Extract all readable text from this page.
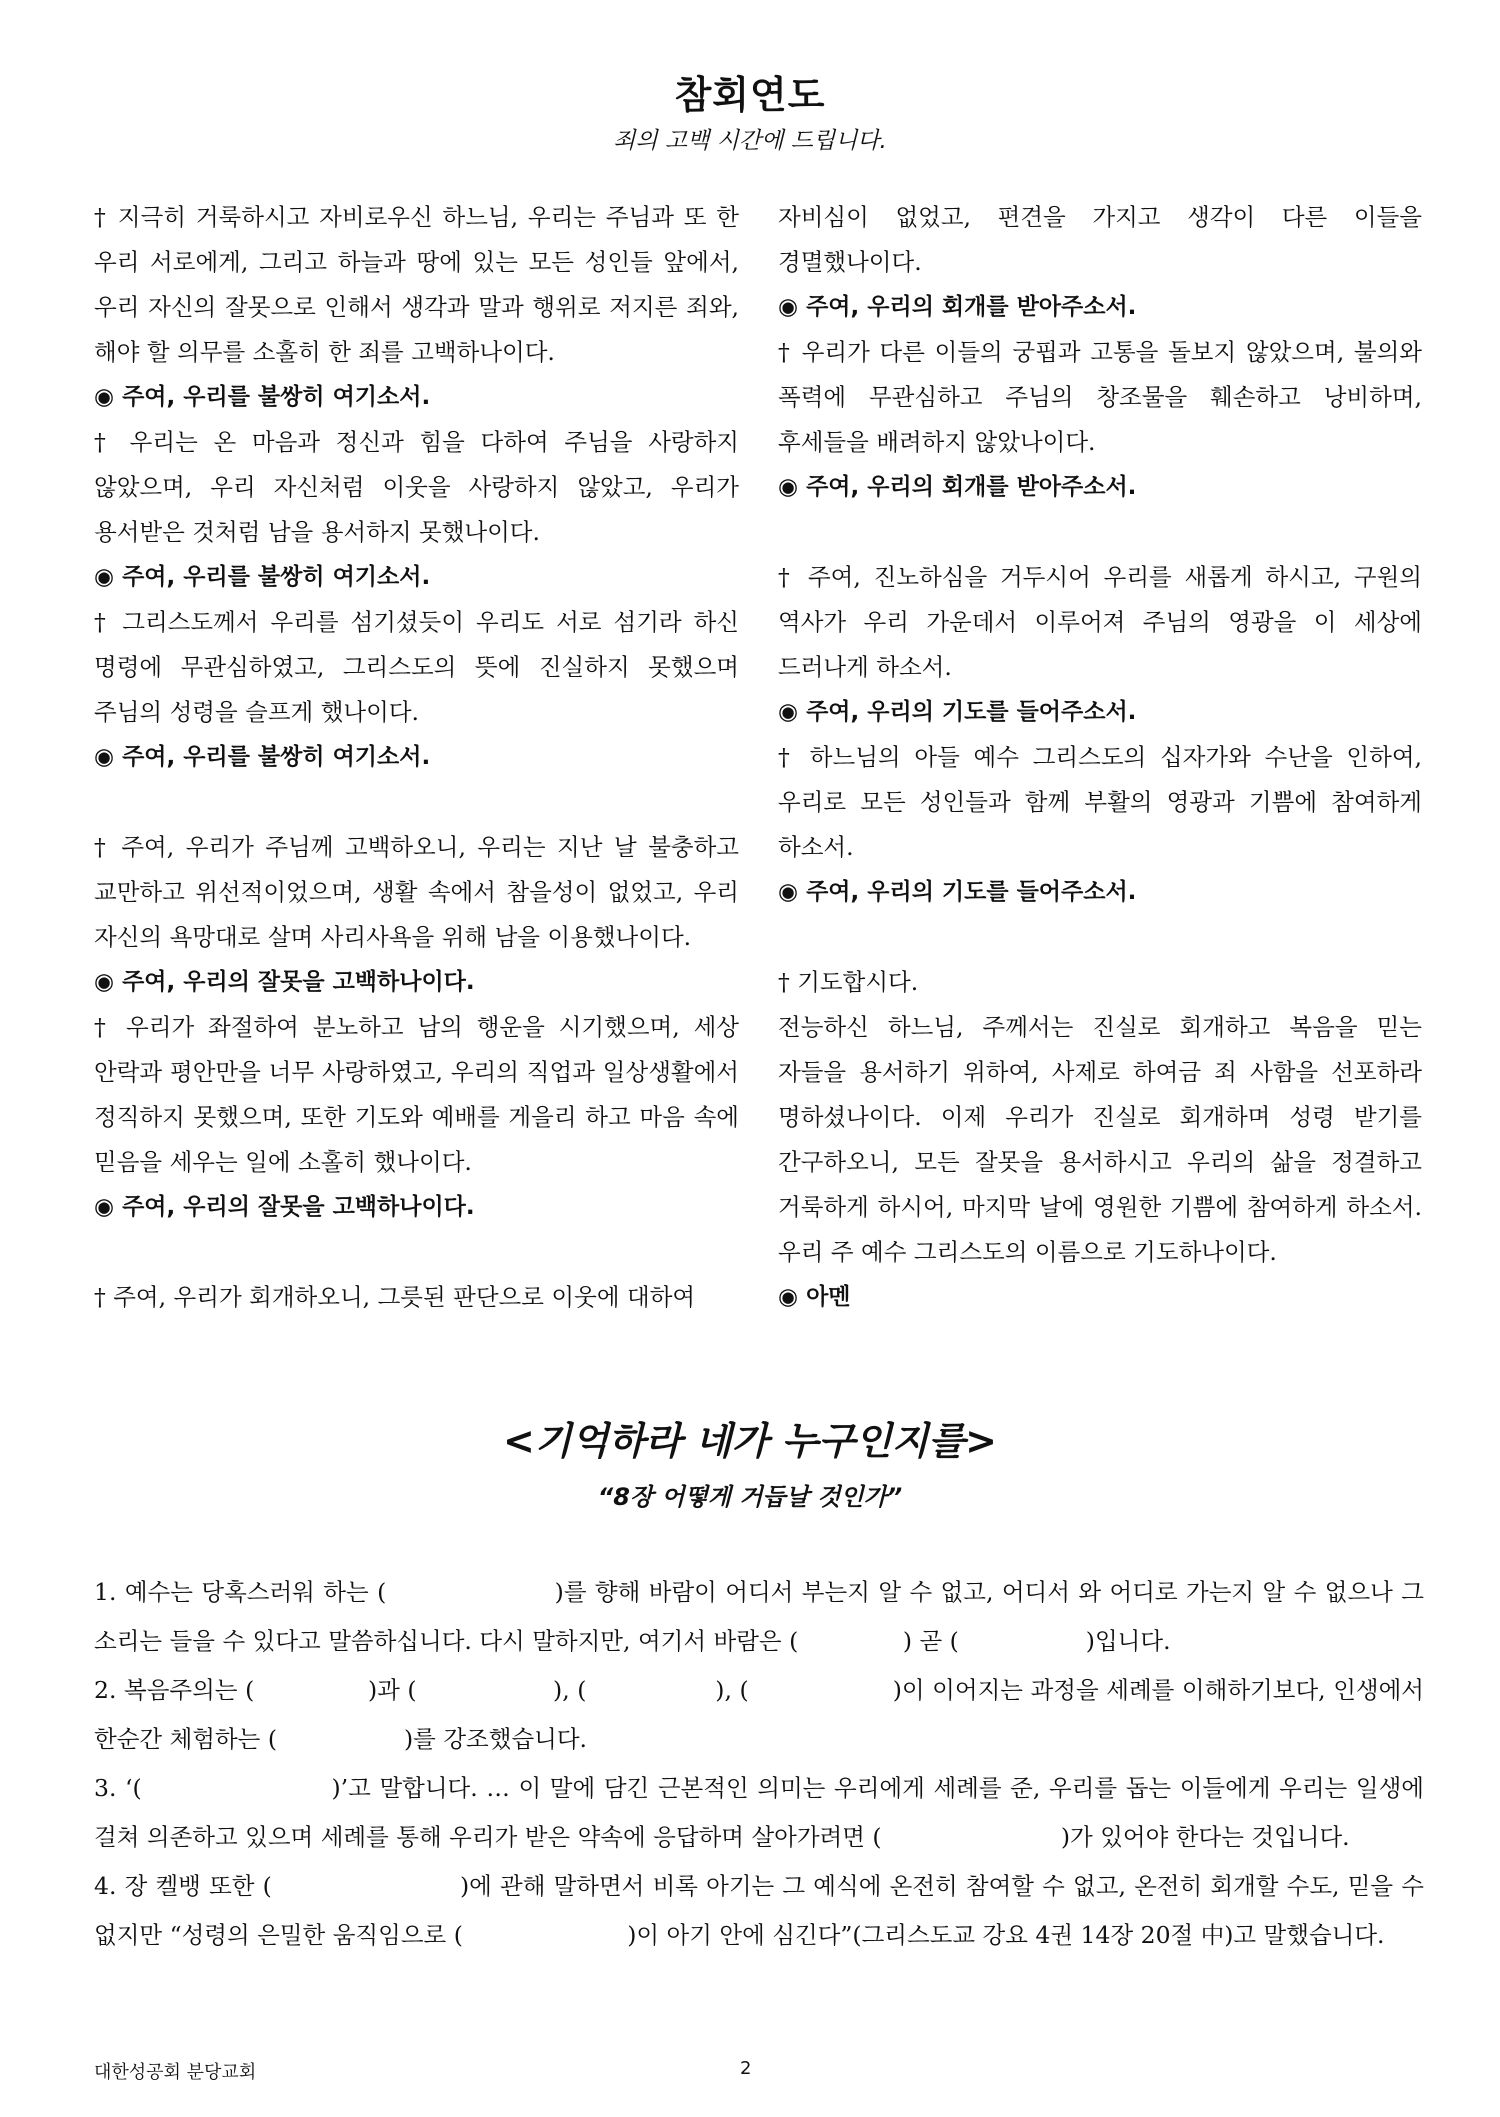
참회연도

죄의 고백 시간에 드립니다.

† 지극히 거룩하시고 자비로우신 하느님, 우리는 주님과 또 한 우리 서로에게, 그리고 하늘과 땅에 있는 모든 성인들 앞에서, 우리 자신의 잘못으로 인해서 생각과 말과 행위로 저지른 죄와, 해야 할 의무를 소홀히 한 죄를 고백하나이다.

◉ 주여, 우리를 불쌍히 여기소서.

† 우리는 온 마음과 정신과 힘을 다하여 주님을 사랑하지 않았으며, 우리 자신처럼 이웃을 사랑하지 않았고, 우리가 용서받은 것처럼 남을 용서하지 못했나이다.

◉ 주여, 우리를 불쌍히 여기소서.

† 그리스도께서 우리를 섬기셨듯이 우리도 서로 섬기라 하신 명령에 무관심하였고, 그리스도의 뜻에 진실하지 못했으며 주님의 성령을 슬프게 했나이다.

◉ 주여, 우리를 불쌍히 여기소서.

† 주여, 우리가 주님께 고백하오니, 우리는 지난 날 불충하고 교만하고 위선적이었으며, 생활 속에서 참을성이 없었고, 우리 자신의 욕망대로 살며 사리사욕을 위해 남을 이용했나이다.

◉ 주여, 우리의 잘못을 고백하나이다.

† 우리가 좌절하여 분노하고 남의 행운을 시기했으며, 세상 안락과 평안만을 너무 사랑하였고, 우리의 직업과 일상생활에서 정직하지 못했으며, 또한 기도와 예배를 게을리 하고 마음 속에 믿음을 세우는 일에 소홀히 했나이다.

◉ 주여, 우리의 잘못을 고백하나이다.

† 주여, 우리가 회개하오니, 그릇된 판단으로 이웃에 대하여

자비심이 없었고, 편견을 가지고 생각이 다른 이들을 경멸했나이다.

◉ 주여, 우리의 회개를 받아주소서.

† 우리가 다른 이들의 궁핍과 고통을 돌보지 않았으며, 불의와 폭력에 무관심하고 주님의 창조물을 훼손하고 낭비하며, 후세들을 배려하지 않았나이다.

◉ 주여, 우리의 회개를 받아주소서.

† 주여, 진노하심을 거두시어 우리를 새롭게 하시고, 구원의 역사가 우리 가운데서 이루어져 주님의 영광을 이 세상에 드러나게 하소서.

◉ 주여, 우리의 기도를 들어주소서.

† 하느님의 아들 예수 그리스도의 십자가와 수난을 인하여, 우리로 모든 성인들과 함께 부활의 영광과 기쁨에 참여하게 하소서.

◉ 주여, 우리의 기도를 들어주소서.

† 기도합시다.

전능하신 하느님, 주께서는 진실로 회개하고 복음을 믿는 자들을 용서하기 위하여, 사제로 하여금 죄 사함을 선포하라 명하셨나이다. 이제 우리가 진실로 회개하며 성령 받기를 간구하오니, 모든 잘못을 용서하시고 우리의 삶을 정결하고 거룩하게 하시어, 마지막 날에 영원한 기쁨에 참여하게 하소서. 우리 주 예수 그리스도의 이름으로 기도하나이다.

◉ 아멘

<기억하라 네가 누구인지를>

“8장 어떻게 거듭날 것인가”

1. 예수는 당혹스러워 하는 (                    )를 향해 바람이 어디서 부는지 알 수 없고, 어디서 와 어디로 가는지 알 수 없으나 그 소리는 들을 수 있다고 말씀하십니다. 다시 말하지만, 여기서 바람은 (              ) 곧 (                 )입니다.

2. 복음주의는 (               )과 (                  ), (                 ), (                   )이 이어지는 과정을 세례를 이해하기보다, 인생에서 한순간 체험하는 (                 )를 강조했습니다.

3. ‘(                      )’고 말합니다. … 이 말에 담긴 근본적인 의미는 우리에게 세례를 준, 우리를 돕는 이들에게 우리는 일생에 걸쳐 의존하고 있으며 세례를 통해 우리가 받은 약속에 응답하며 살아가려면 (                        )가 있어야 한다는 것입니다.

4. 장 켈뱅 또한 (                       )에 관해 말하면서 비록 아기는 그 예식에 온전히 참여할 수 없고, 온전히 회개할 수도, 믿을 수 없지만 “성령의 은밀한 움직임으로 (                      )이 아기 안에 심긴다”(그리스도교 강요 4권 14장 20절 中)고 말했습니다.

대한성공회 분당교회	2
